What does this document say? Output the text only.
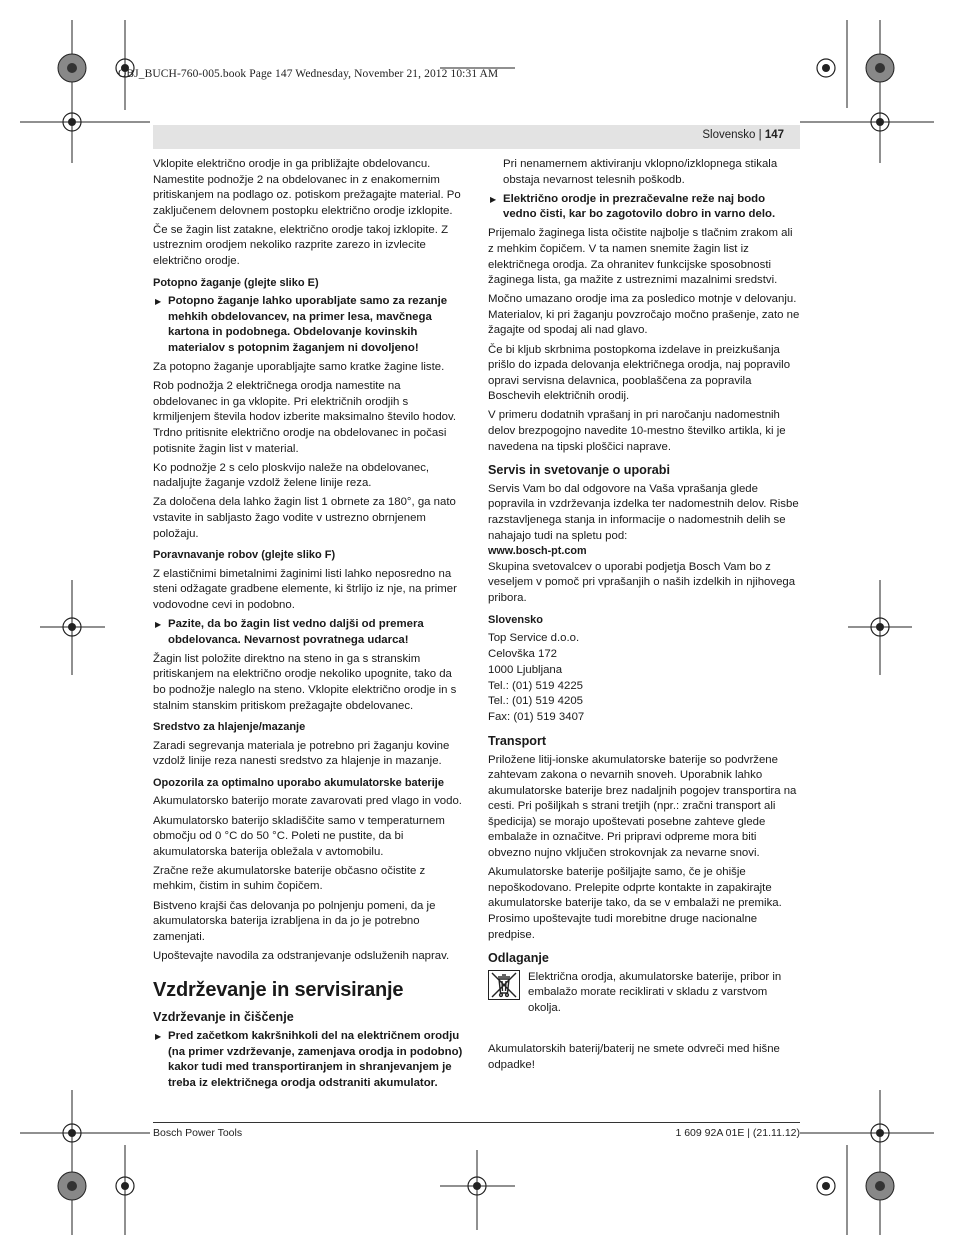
OBJ_BUCH-760-005.book Page 147 Wednesday, November 21, 2012 10:31 AM
Slovensko | 147

Vklopite električno orodje in ga približajte obdelovancu. Namestite podnožje 2 na obdelovanec in z enakomernim pritiskanjem na podlago oz. potiskom prežagajte material. Po zaključenem delovnem postopku električno orodje izklopite.

Če se žagin list zatakne, električno orodje takoj izklopite. Z ustreznim orodjem nekoliko razprite zarezo in izvlecite električno orodje.

Potopno žaganje (glejte sliko E)
▶ Potopno žaganje lahko uporabljate samo za rezanje mehkih obdelovancev, na primer lesa, mavčnega kartona in podobnega. Obdelovanje kovinskih materialov s potopnim žaganjem ni dovoljeno!

Za potopno žaganje uporabljajte samo kratke žagine liste.

Rob podnožja 2 električnega orodja namestite na obdelovanec in ga vklopite. Pri električnih orodjih s krmiljenjem števila hodov izberite maksimalno število hodov. Trdno pritisnite električno orodje na obdelovanec in počasi potisnite žagin list v material.

Ko podnožje 2 s celo ploskvijo naleže na obdelovanec, nadaljujte žaganje vzdolž želene linije reza.

Za določena dela lahko žagin list 1 obrnete za 180°, ga nato vstavite in sabljasto žago vodite v ustrezno obrnjenem položaju.

Poravnavanje robov (glejte sliko F)

Z elastičnimi bimetalnimi žaginimi listi lahko neposredno na steni odžagate gradbene elemente, ki štrlijo iz nje, na primer vodovodne cevi in podobno.

▶ Pazite, da bo žagin list vedno daljši od premera obdelovanca. Nevarnost povratnega udarca!

Žagin list položite direktno na steno in ga s stranskim pritiskanjem na električno orodje nekoliko upognite, tako da bo podnožje naleglo na steno. Vklopite električno orodje in s stalnim stanskim pritiskom prežagajte obdelovanec.

Sredstvo za hlajenje/mazanje

Zaradi segrevanja materiala je potrebno pri žaganju kovine vzdolž linije reza nanesti sredstvo za hlajenje in mazanje.

Opozorila za optimalno uporabo akumulatorske baterije

Akumulatorsko baterijo morate zavarovati pred vlago in vodo.

Akumulatorsko baterijo skladiščite samo v temperaturnem območju od 0 °C do 50 °C. Poleti ne pustite, da bi akumulatorska baterija obležala v avtomobilu.

Zračne reže akumulatorske baterije občasno očistite z mehkim, čistim in suhim čopičem.

Bistveno krajši čas delovanja po polnjenju pomeni, da je akumulatorska baterija izrabljena in da jo je potrebno zamenjati.

Upoštevajte navodila za odstranjevanje odsluženih naprav.

Vzdrževanje in servisiranje
Vzdrževanje in čiščenje
▶ Pred začetkom kakršnihkoli del na električnem orodju (na primer vzdrževanje, zamenjava orodja in podobno) kakor tudi med transportiranjem in shranjevanjem je treba iz električnega orodja odstraniti akumulator.
Pri nenamernem aktiviranju vklopno/izklopnega stikala obstaja nevarnost telesnih poškodb.
▶ Električno orodje in prezračevalne reže naj bodo vedno čisti, kar bo zagotovilo dobro in varno delo.

Prijemalo žaginega lista očistite najbolje s tlačnim zrakom ali z mehkim čopičem. V ta namen snemite žagin list iz električnega orodja. Za ohranitev funkcijske sposobnosti žaginega lista, ga mažite z ustreznimi mazalnimi sredstvi.

Močno umazano orodje ima za posledico motnje v delovanju. Materialov, ki pri žaganju povzročajo močno prašenje, zato ne žagajte od spodaj ali nad glavo.

Če bi kljub skrbnima postopkoma izdelave in preizkušanja prišlo do izpada delovanja električnega orodja, naj popravilo opravi servisna delavnica, pooblaščena za popravila Boschevih električnih orodij.

V primeru dodatnih vprašanj in pri naročanju nadomestnih delov brezpogojno navedite 10-mestno številko artikla, ki je navedena na tipski ploščici naprave.

Servis in svetovanje o uporabi

Servis Vam bo dal odgovore na Vaša vprašanja glede popravila in vzdrževanja izdelka ter nadomestnih delov. Risbe razstavljenega stanja in informacije o nadomestnih delih se nahajajo tudi na spletu pod:

www.bosch-pt.com

Skupina svetovalcev o uporabi podjetja Bosch Vam bo z veseljem v pomoč pri vprašanjih o naših izdelkih in njihovega pribora.

Slovensko

Top Service d.o.o.

Celovška 172

1000 Ljubljana

Tel.: (01) 519 4225

Tel.: (01) 519 4205

Fax: (01) 519 3407

Transport

Priložene litij-ionske akumulatorske baterije so podvržene zahtevam zakona o nevarnih snoveh. Uporabnik lahko akumulatorske baterije brez nadaljnih pogojev transportira na cesti. Pri pošiljkah s strani tretjih (npr.: zračni transport ali špedicija) se morajo upoštevati posebne zahteve glede embalaže in označitve. Pri pripravi odpreme mora biti obvezno nujno vključen strokovnjak za nevarne snovi.

Akumulatorske baterije pošiljajte samo, če je ohišje nepoškodovano. Prelepite odprte kontakte in zapakirajte akumulatorske baterije tako, da se v embalaži ne premika.

Prosimo upoštevajte tudi morebitne druge nacionalne predpise.

Odlaganje

Električna orodja, akumulatorske baterije, pribor in embalažo morate reciklirati v skladu z varstvom okolja.

Akumulatorskih baterij/baterij ne smete odvreči med hišne odpadke!

Bosch Power Tools	1 609 92A 01E | (21.11.12)
